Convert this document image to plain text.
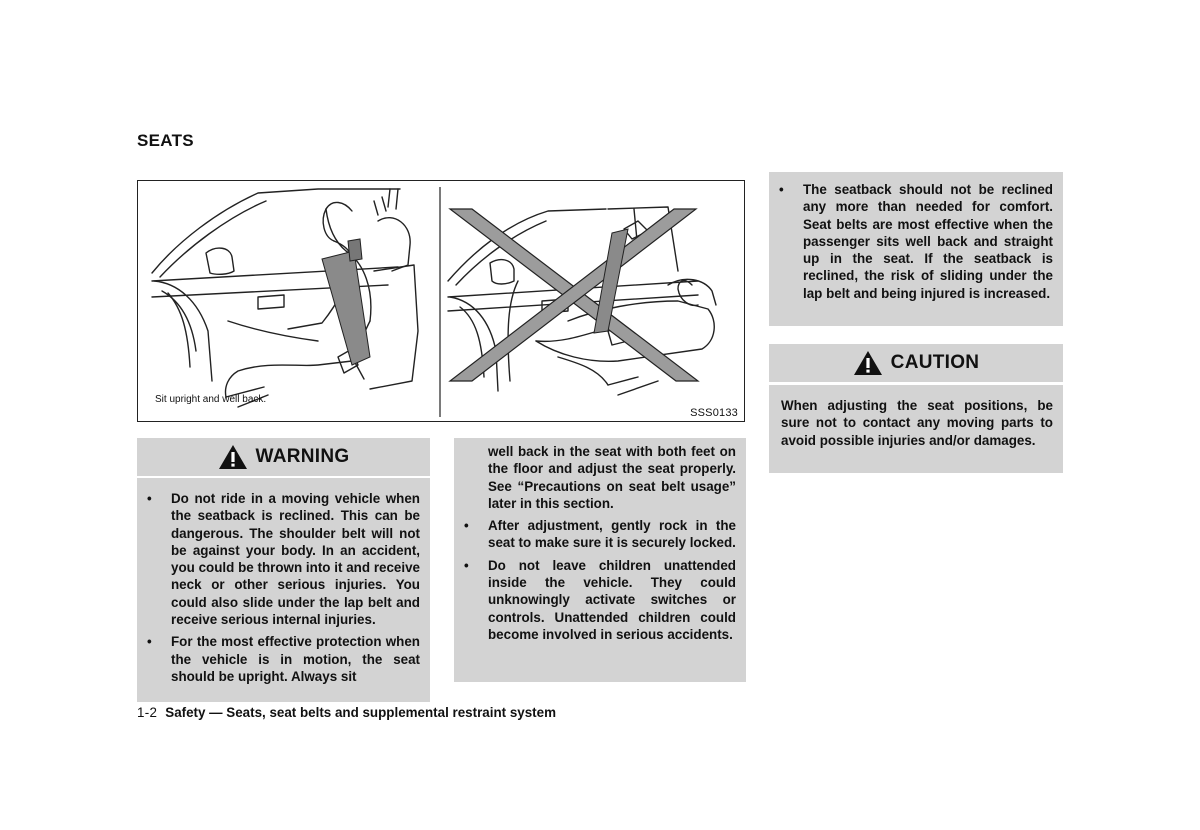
SEATS
Sit upright and well back.
SSS0133
WARNING

• Do not ride in a moving vehicle when the seatback is reclined. This can be dangerous. The shoulder belt will not be against your body. In an accident, you could be thrown into it and receive neck or other serious injuries. You could also slide under the lap belt and receive serious internal injuries.

• For the most effective protection when the vehicle is in motion, the seat should be upright. Always sit

well back in the seat with both feet on the floor and adjust the seat properly. See “Precautions on seat belt usage” later in this section.

• After adjustment, gently rock in the seat to make sure it is securely locked.

• Do not leave children unattended inside the vehicle. They could unknowingly activate switches or controls. Unattended children could become involved in serious accidents.

• The seatback should not be reclined any more than needed for comfort. Seat belts are most effective when the passenger sits well back and straight up in the seat. If the seatback is reclined, the risk of sliding under the lap belt and being injured is increased.

CAUTION

When adjusting the seat positions, be sure not to contact any moving parts to avoid possible injuries and/or damages.

1-2 Safety — Seats, seat belts and supplemental restraint system
